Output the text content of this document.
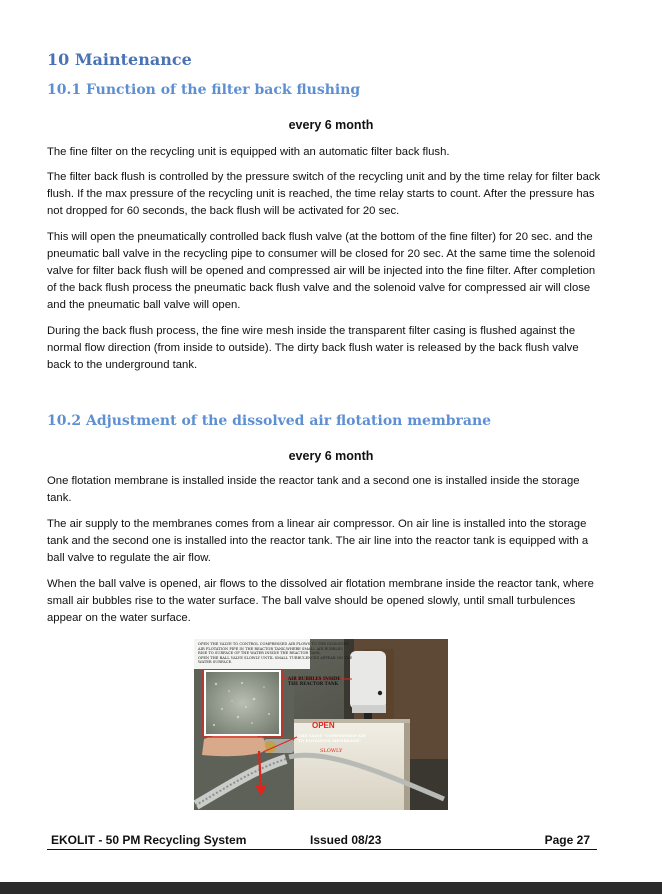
10 Maintenance
10.1 Function of the filter back flushing

every 6 month

The fine filter on the recycling unit is equipped with an automatic filter back flush.

The filter back flush is controlled by the pressure switch of the recycling unit and by the time relay for filter back flush. If the max pressure of the recycling unit is reached, the time relay starts to count. After the pressure has not dropped for 60 seconds, the back flush will be activated for 20 sec.

This will open the pneumatically controlled back flush valve (at the bottom of the fine filter) for 20 sec. and the pneumatic ball valve in the recycling pipe to consumer will be closed for 20 sec. At the same time the solenoid valve for filter back flush will be opened and compressed air will be injected into the fine filter. After completion of the back flush process the pneumatic back flush valve and the solenoid valve for compressed air will close and the pneumatic ball valve will open.

During the back flush process, the fine wire mesh inside the transparent filter casing is flushed against the normal flow direction (from inside to outside). The dirty back flush water is released by the back flush valve back to the underground tank.

10.2 Adjustment of the dissolved air flotation membrane

every 6 month

One flotation membrane is installed inside the reactor tank and a second one is installed inside the storage tank.

The air supply to the membranes comes from a linear air compressor. On air line is installed into the storage tank and the second one is installed into the reactor tank. The air line into the reactor tank is equipped with a ball valve to regulate the air flow.

When the ball valve is opened, air flows to the dissolved air flotation membrane inside the reactor tank, where small air bubbles rise to the water surface. The ball valve should be opened slowly, until small turbulences appear on the water surface.

OPEN THE VALVE TO CONTROL COMPRESSED AIR FLOWS TO THE DISSOLVED
AIR FLOTATION PIPE IN THE REACTOR TANK,WHERE SMALL AIR BUBBLES
RISE TO SURFACE OF THE WATER INSIDE THE REACTOR TANK.
OPEN THE BALL VALVE SLOWLY UNTIL SMALL TURBULENCES APPEAR ON THE
WATER SURFACE.
AIR BUBBLES INSIDE
THE REACTOR TANK
OPEN
THE VALVE "COMPRESSED AIR
TO FLOTATION MEMBRANE"
SLOWLY
EKOLIT - 50 PM Recycling System	Issued 08/23	Page 27
